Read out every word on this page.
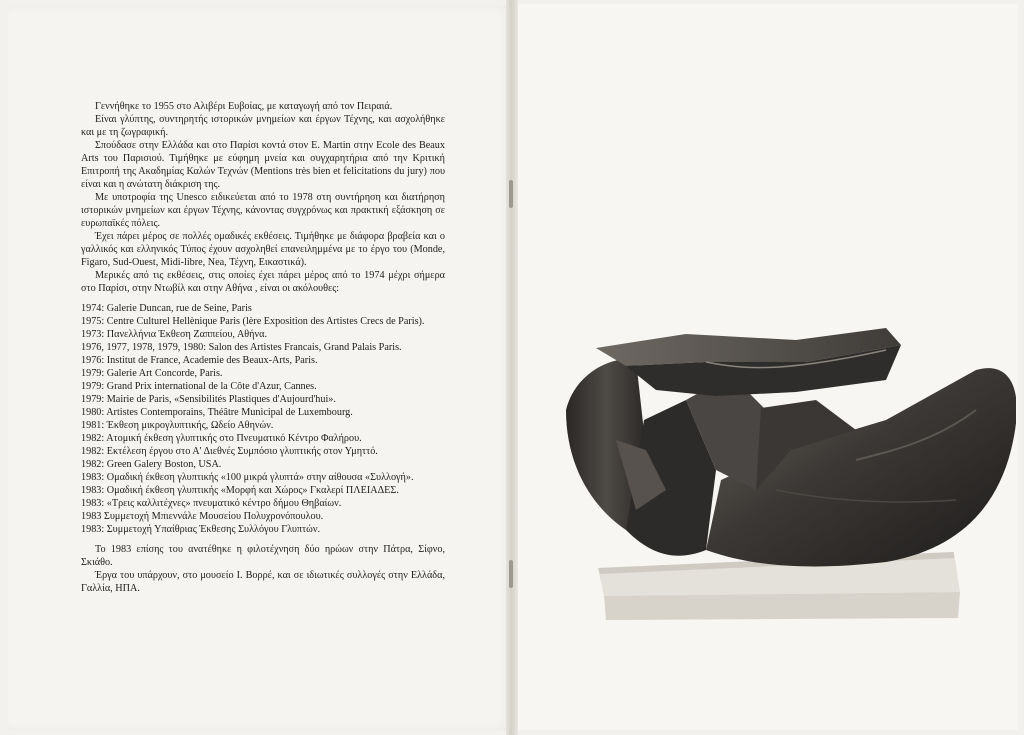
Γεννήθηκε το 1955 στο Αλιβέρι Ευβοίας, με καταγωγή από τον Πειραιά.

Είναι γλύπτης, συντηρητής ιστορικών μνημείων και έργων Τέχνης, και ασχολήθηκε και με τη ζωγραφική.

Σπούδασε στην Ελλάδα και στο Παρίσι κοντά στον E. Martin στην Ecole des Beaux Arts του Παρισιού. Τιμήθηκε με εύφημη μνεία και συγχαρητήρια από την Κριτική Επιτροπή της Ακαδημίας Καλών Τεχνών (Mentions très bien et felicitations du jury) που είναι και η ανώτατη διάκριση της.

Με υποτροφία της Unesco ειδικεύεται από το 1978 στη συντήρηση και διατήρηση ιστορικών μνημείων και έργων Τέχνης, κάνοντας συγχρόνως και πρακτική εξάσκηση σε ευρωπαϊκές πόλεις.

Έχει πάρει μέρος σε πολλές ομαδικές εκθέσεις. Τιμήθηκε με διάφορα βραβεία και ο γαλλικός και ελληνικός Τύπος έχουν ασχοληθεί επανειλημμένα με το έργο του (Monde, Figaro, Sud-Ouest, Midi-libre, Nea, Τέχνη, Εικαστικά).

Μερικές από τις εκθέσεις, στις οποίες έχει πάρει μέρος από το 1974 μέχρι σήμερα στο Παρίσι, στην Ντωβίλ και στην Αθήνα , είναι οι ακόλουθες:

1974: Galerie Duncan, rue de Seine, Paris
1975: Centre Culturel Hellènique Paris (lère Exposition des Artistes Crecs de Paris).
1973: Πανελλήνια Έκθεση Ζαππείου, Αθήνα.
1976, 1977, 1978, 1979, 1980: Salon des Artistes Francais, Grand Palais Paris.
1976: Institut de France, Academie des Beaux-Arts, Paris.
1979: Galerie Art Concorde, Paris.
1979: Grand Prix international de la Côte d'Azur, Cannes.
1979: Mairie de Paris, «Sensibilités Plastiques d'Aujourd'hui».
1980: Artistes Contemporains, Théâtre Municipal de Luxembourg.
1981: Έκθεση μικρογλυπτικής, Ωδείο Αθηνών.
1982: Ατομική έκθεση γλυπτικής στο Πνευματικό Κέντρο Φαλήρου.
1982: Εκτέλεση έργου στο Α' Διεθνές Συμπόσιο γλυπτικής στον Υμηττό.
1982: Green Galery Boston, USA.
1983: Ομαδική έκθεση γλυπτικής «100 μικρά γλυπτά» στην αίθουσα «Συλλογή».
1983: Ομαδική έκθεση γλυπτικής «Μορφή και Χώρος» Γκαλερί ΠΛΕΙΑΔΕΣ.
1983: «Τρεις καλλιτέχνες» πνευματικό κέντρο δήμου Θηβαίων.
1983 Συμμετοχή Μπιεννάλε Μουσείου Πολυχρονόπουλου.
1983: Συμμετοχή Υπαίθριας Έκθεσης Συλλόγου Γλυπτών.

Το 1983 επίσης του ανατέθηκε η φιλοτέχνηση δύο ηρώων στην Πάτρα, Σίφνο, Σκιάθο.

Έργα του υπάρχουν, στο μουσείο Ι. Βορρέ, και σε ιδιωτικές συλλογές στην Ελλάδα, Γαλλία, ΗΠΑ.
